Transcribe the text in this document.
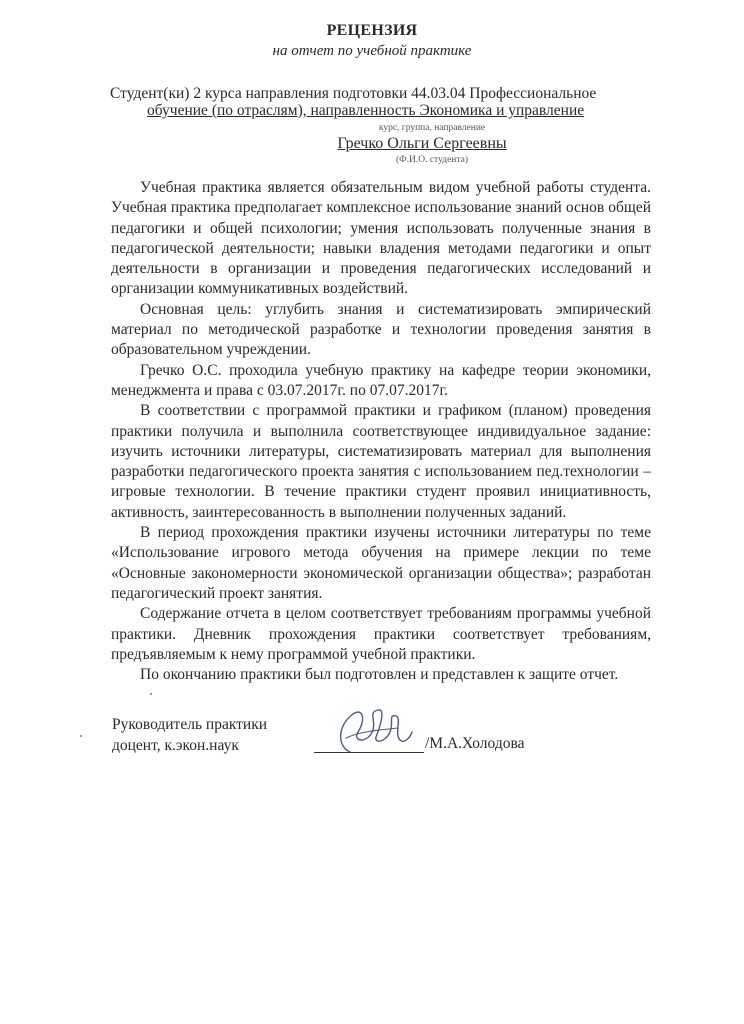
РЕЦЕНЗИЯ
на отчет по учебной практике
Студент(ки) 2 курса направления подготовки 44.03.04 Профессиональное
обучение (по отраслям), направленность Экономика и управление
курс, группа, направление
Гречко Ольги Сергеевны
(Ф.И.О. студента)

Учебная практика является обязательным видом учебной работы студента. Учебная практика предполагает комплексное использование знаний основ общей педагогики и общей психологии; умения использовать полученные знания в педагогической деятельности; навыки владения методами педагогики и опыт деятельности в организации и проведения педагогических исследований и организации коммуникативных воздействий.

Основная цель: углубить знания и систематизировать эмпирический материал по методической разработке и технологии проведения занятия в образовательном учреждении.

Гречко О.С. проходила учебную практику на кафедре теории экономики, менеджмента и права с 03.07.2017г. по 07.07.2017г.

В соответствии с программой практики и графиком (планом) проведения практики получила и выполнила соответствующее индивидуальное задание: изучить источники литературы, систематизировать материал для выполнения разработки педагогического проекта занятия с использованием пед.технологии – игровые технологии. В течение практики студент проявил инициативность, активность, заинтересованность в выполнении полученных заданий.

В период прохождения практики изучены источники литературы по теме «Использование игрового метода обучения на примере лекции по теме «Основные закономерности экономической организации общества»; разработан педагогический проект занятия.

Содержание отчета в целом соответствует требованиям программы учебной практики. Дневник прохождения практики соответствует требованиям, предъявляемым к нему программой учебной практики.

По окончанию практики был подготовлен и представлен к защите отчет.

Руководитель практики
доцент, к.экон.наук	/М.А.Холодова
